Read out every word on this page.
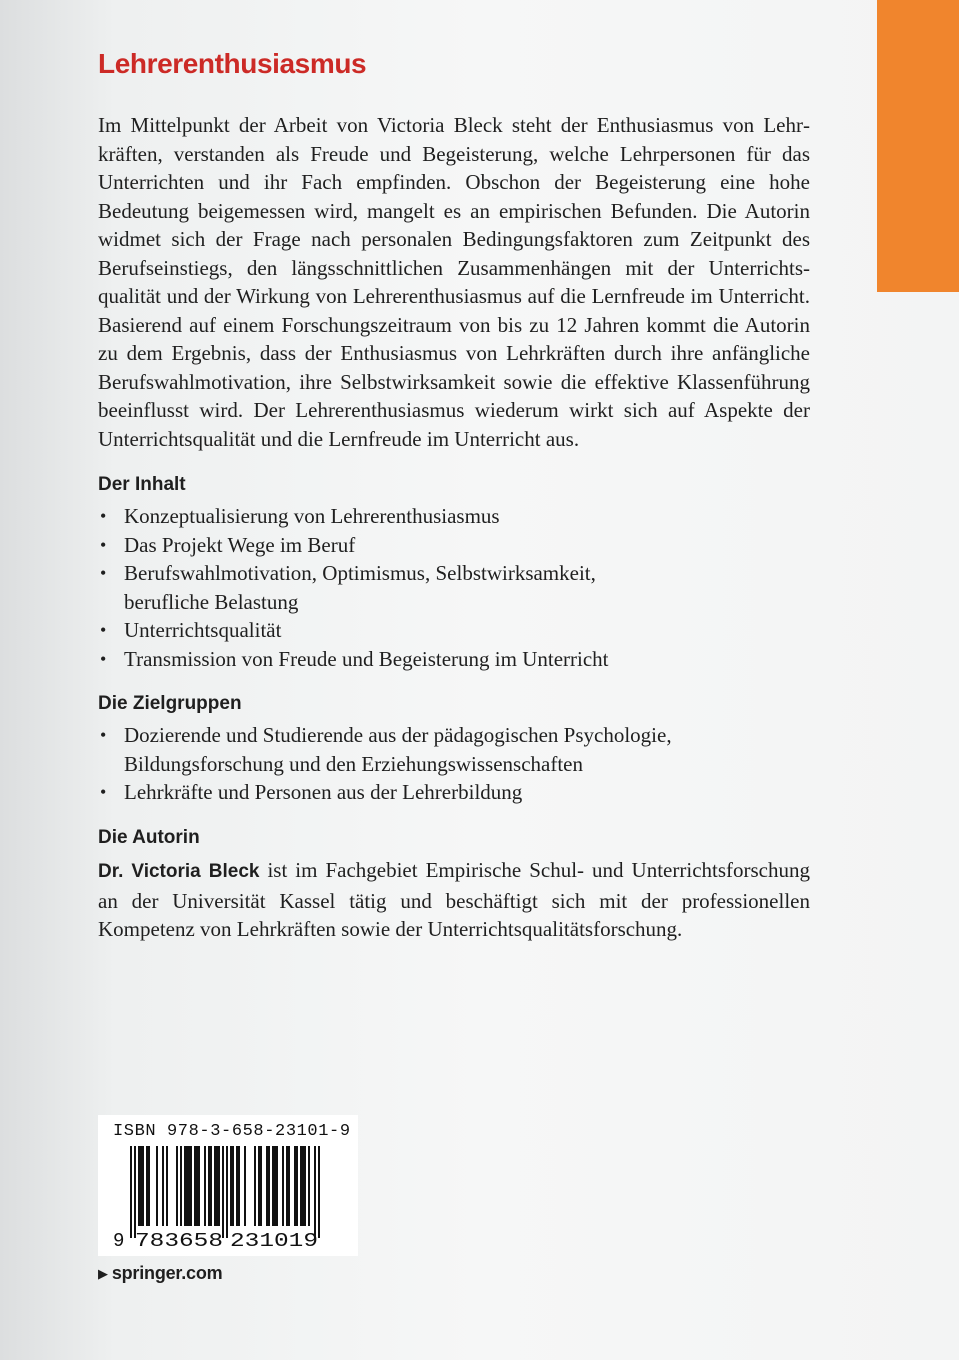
Lehrerenthusiasmus

Im Mittelpunkt der Arbeit von Victoria Bleck steht der Enthusiasmus von Lehrkräften, verstanden als Freude und Begeisterung, welche Lehrpersonen für das Unterrichten und ihr Fach empfinden. Obschon der Begeisterung eine hohe Bedeutung beigemessen wird, mangelt es an empirischen Befunden. Die Autorin widmet sich der Frage nach personalen Bedingungsfaktoren zum Zeitpunkt des Berufseinstiegs, den längsschnittlichen Zusammenhängen mit der Unterrichtsqualität und der Wirkung von Lehrerenthusiasmus auf die Lernfreude im Unterricht. Basierend auf einem Forschungszeitraum von bis zu 12 Jahren kommt die Autorin zu dem Ergebnis, dass der Enthusiasmus von Lehrkräften durch ihre anfängliche Berufswahlmotivation, ihre Selbstwirksamkeit sowie die effektive Klassenführung beeinflusst wird. Der Lehrerenthusiasmus wiederum wirkt sich auf Aspekte der Unterrichtsqualität und die Lernfreude im Unterricht aus.

Der Inhalt
• Konzeptualisierung von Lehrerenthusiasmus
• Das Projekt Wege im Beruf
• Berufswahlmotivation, Optimismus, Selbstwirksamkeit, berufliche Belastung
• Unterrichtsqualität
• Transmission von Freude und Begeisterung im Unterricht
Die Zielgruppen
• Dozierende und Studierende aus der pädagogischen Psychologie, Bildungsforschung und den Erziehungswissenschaften
• Lehrkräfte und Personen aus der Lehrerbildung
Die Autorin

Dr. Victoria Bleck ist im Fachgebiet Empirische Schul- und Unterrichtsforschung an der Universität Kassel tätig und beschäftigt sich mit der professionellen Kompetenz von Lehrkräften sowie der Unterrichtsqualitätsforschung.

ISBN 978-3-658-23101-9
9 783658 231019

▶ springer.com
